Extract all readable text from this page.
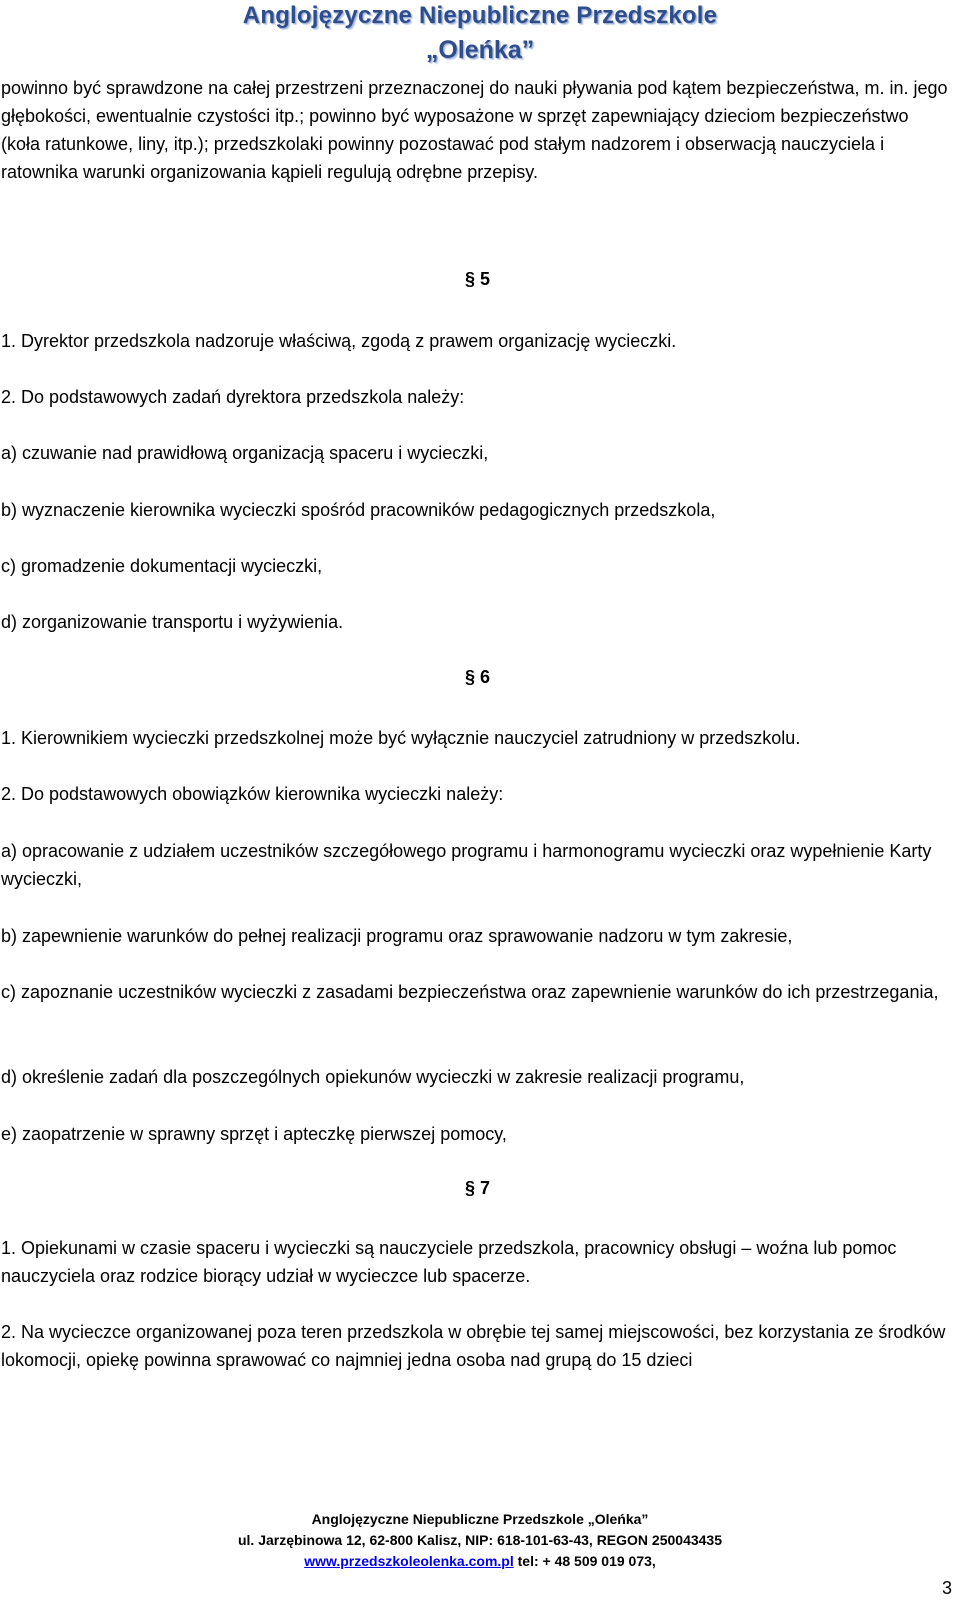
Anglojęzyczne Niepubliczne Przedszkole
„Oleńka”
powinno być sprawdzone na całej przestrzeni przeznaczonej do nauki pływania pod kątem bezpieczeństwa, m. in. jego głębokości, ewentualnie czystości itp.; powinno być wyposażone w sprzęt zapewniający dzieciom bezpieczeństwo (koła ratunkowe, liny, itp.); przedszkolaki powinny pozostawać pod stałym nadzorem i obserwacją nauczyciela i ratownika warunki organizowania kąpieli regulują odrębne przepisy.
§ 5
1. Dyrektor przedszkola nadzoruje właściwą, zgodą z prawem organizację wycieczki.
2. Do podstawowych zadań dyrektora przedszkola należy:
a) czuwanie nad prawidłową organizacją spaceru i wycieczki,
b) wyznaczenie kierownika wycieczki spośród pracowników pedagogicznych przedszkola,
c) gromadzenie dokumentacji wycieczki,
d) zorganizowanie transportu i wyżywienia.
§ 6
1. Kierownikiem wycieczki przedszkolnej może być wyłącznie nauczyciel zatrudniony w przedszkolu.
2. Do podstawowych obowiązków kierownika wycieczki należy:
a) opracowanie z udziałem uczestników szczegółowego programu i harmonogramu wycieczki oraz wypełnienie Karty wycieczki,
b) zapewnienie warunków do pełnej realizacji programu oraz sprawowanie nadzoru w tym zakresie,
c) zapoznanie uczestników wycieczki z zasadami bezpieczeństwa oraz zapewnienie warunków do ich przestrzegania,
d) określenie zadań dla poszczególnych opiekunów wycieczki w zakresie realizacji programu,
e) zaopatrzenie w sprawny sprzęt i apteczkę pierwszej pomocy,
§ 7
1. Opiekunami w czasie spaceru i wycieczki są nauczyciele przedszkola, pracownicy obsługi – woźna lub pomoc nauczyciela oraz rodzice biorący udział w wycieczce lub spacerze.
2. Na wycieczce organizowanej poza teren przedszkola w obrębie tej samej miejscowości, bez korzystania ze środków lokomocji, opiekę powinna sprawować co najmniej jedna osoba nad grupą do 15 dzieci
Anglojęzyczne Niepubliczne Przedszkole „Oleńka”
ul. Jarzębinowa 12, 62-800 Kalisz, NIP: 618-101-63-43, REGON 250043435
www.przedszkoleolenka.com.pl tel: + 48 509 019 073,
3
